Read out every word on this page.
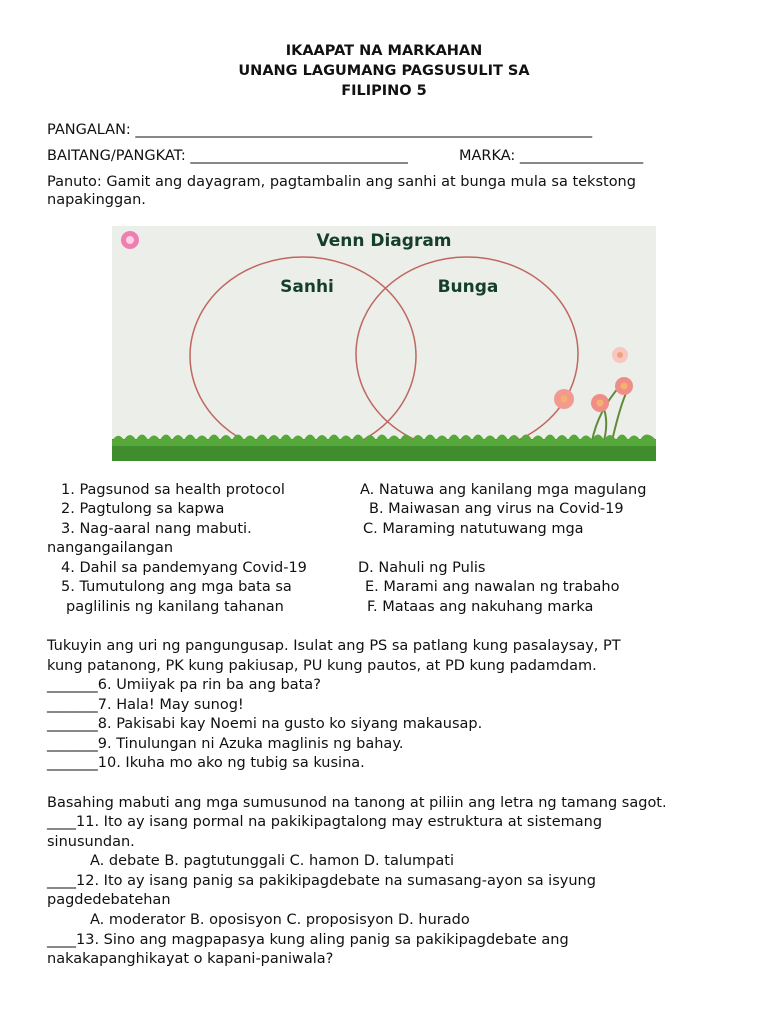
IKAAPAT NA MARKAHAN
UNANG LAGUMANG PAGSUSULIT SA
FILIPINO 5
PANGALAN: _______________________________________________________________
BAITANG/PANGKAT: ______________________________	MARKA: _________________
Panuto: Gamit ang dayagram, pagtambalin ang sanhi at bunga mula sa tekstong napakinggan.
Venn Diagram
Sanhi	Bunga
1. Pagsunod sa health protocol	A. Natuwa ang kanilang mga magulang
2. Pagtulong sa kapwa	B. Maiwasan ang virus na Covid-19
3. Nag-aaral nang mabuti.	C. Maraming natutuwang mga
nangangailangan
4. Dahil sa pandemyang Covid-19	D. Nahuli ng Pulis
5. Tumutulong ang mga bata sa	E. Marami ang nawalan ng trabaho
paglilinis ng kanilang tahanan	F. Mataas ang nakuhang marka
Tukuyin ang uri ng pangungusap. Isulat ang PS sa patlang kung pasalaysay, PT
kung patanong, PK kung pakiusap, PU kung pautos, at PD kung padamdam.
_______6. Umiiyak pa rin ba ang bata?
_______7. Hala! May sunog!
_______8. Pakisabi kay Noemi na gusto ko siyang makausap.
_______9. Tinulungan ni Azuka maglinis ng bahay.
_______10. Ikuha mo ako ng tubig sa kusina.
Basahing mabuti ang mga sumusunod na tanong at piliin ang letra ng tamang sagot.
____11. Ito ay isang pormal na pakikipagtalong may estruktura at sistemang
sinusundan.
A. debate B. pagtutunggali C. hamon D. talumpati
____12. Ito ay isang panig sa pakikipagdebate na sumasang-ayon sa isyung
pagdedebatehan
A. moderator B. oposisyon C. proposisyon D. hurado
____13. Sino ang magpapasya kung aling panig sa pakikipagdebate ang
nakakapanghikayat o kapani-paniwala?
